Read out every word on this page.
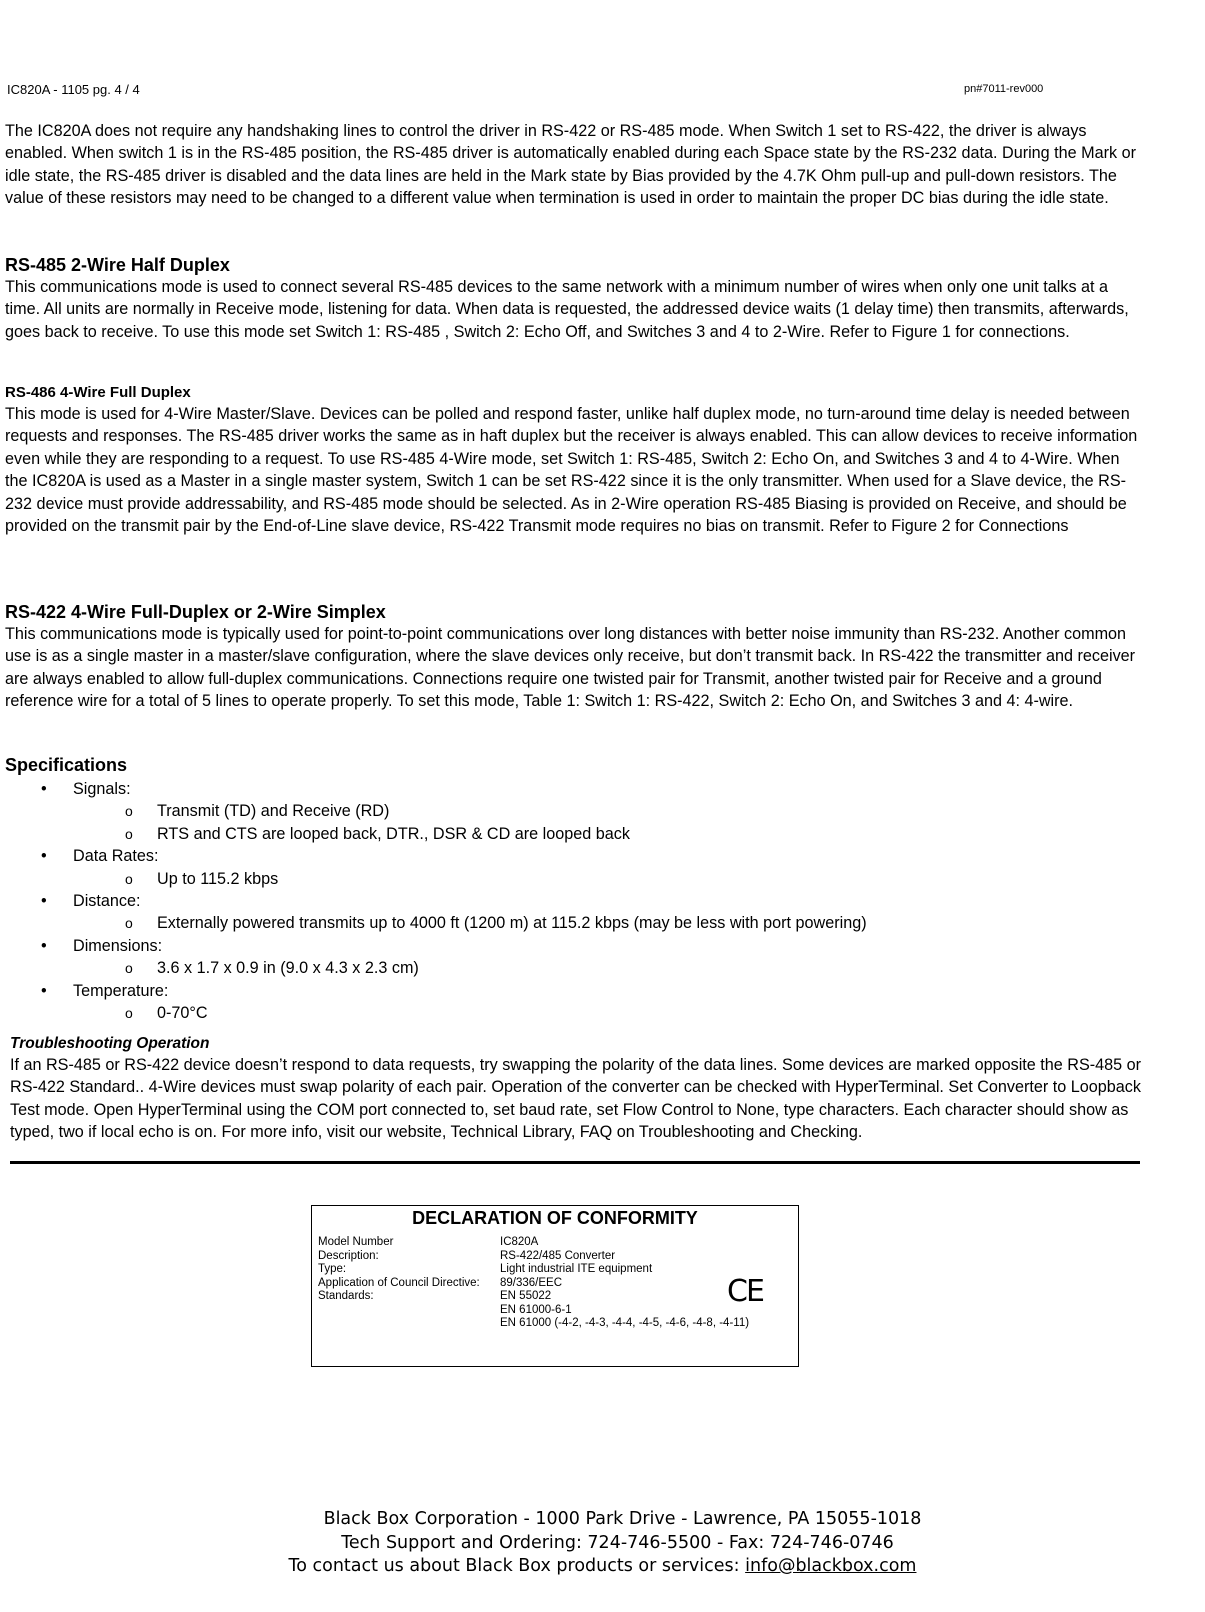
IC820A - 1105 pg. 4 / 4	pn#7011-rev000

The IC820A does not require any handshaking lines to control the driver in RS-422 or RS-485 mode. When Switch 1 set to RS-422, the driver is always enabled. When switch 1 is in the RS-485 position, the RS-485 driver is automatically enabled during each Space state by the RS-232 data. During the Mark or idle state, the RS-485 driver is disabled and the data lines are held in the Mark state by Bias provided by the 4.7K Ohm pull-up and pull-down resistors. The value of these resistors may need to be changed to a different value when termination is used in order to maintain the proper DC bias during the idle state.

RS-485 2-Wire Half Duplex

This communications mode is used to connect several RS-485 devices to the same network with a minimum number of wires when only one unit talks at a time. All units are normally in Receive mode, listening for data. When data is requested, the addressed device waits (1 delay time) then transmits, afterwards, goes back to receive. To use this mode set Switch 1: RS-485 , Switch 2: Echo Off, and Switches 3 and 4 to 2-Wire. Refer to Figure 1 for connections.

RS-486 4-Wire Full Duplex

This mode is used for 4-Wire Master/Slave. Devices can be polled and respond faster, unlike half duplex mode, no turn-around time delay is needed between requests and responses. The RS-485 driver works the same as in haft duplex but the receiver is always enabled. This can allow devices to receive information even while they are responding to a request. To use RS-485 4-Wire mode, set Switch 1: RS-485, Switch 2: Echo On, and Switches 3 and 4 to 4-Wire. When the IC820A is used as a Master in a single master system, Switch 1 can be set RS-422 since it is the only transmitter. When used for a Slave device, the RS-232 device must provide addressability, and RS-485 mode should be selected. As in 2-Wire operation RS-485 Biasing is provided on Receive, and should be provided on the transmit pair by the End-of-Line slave device, RS-422 Transmit mode requires no bias on transmit. Refer to Figure 2 for Connections

RS-422 4-Wire Full-Duplex or 2-Wire Simplex

This communications mode is typically used for point-to-point communications over long distances with better noise immunity than RS-232. Another common use is as a single master in a master/slave configuration, where the slave devices only receive, but don’t transmit back. In RS-422 the transmitter and receiver are always enabled to allow full-duplex communications. Connections require one twisted pair for Transmit, another twisted pair for Receive and a ground reference wire for a total of 5 lines to operate properly. To set this mode, Table 1: Switch 1: RS-422, Switch 2: Echo On, and Switches 3 and 4: 4-wire.

Specifications
• Signals:
o Transmit (TD) and Receive (RD)
o RTS and CTS are looped back, DTR., DSR & CD are looped back
• Data Rates:
o Up to 115.2 kbps
• Distance:
o Externally powered transmits up to 4000 ft (1200 m) at 115.2 kbps (may be less with port powering)
• Dimensions:
o 3.6 x 1.7 x 0.9 in (9.0 x 4.3 x 2.3 cm)
• Temperature:
o 0-70°C
Troubleshooting Operation

If an RS-485 or RS-422 device doesn’t respond to data requests, try swapping the polarity of the data lines. Some devices are marked opposite the RS-485 or RS-422 Standard.. 4-Wire devices must swap polarity of each pair. Operation of the converter can be checked with HyperTerminal. Set Converter to Loopback Test mode. Open HyperTerminal using the COM port connected to, set baud rate, set Flow Control to None, type characters. Each character should show as typed, two if local echo is on. For more info, visit our website, Technical Library, FAQ on Troubleshooting and Checking.

DECLARATION OF CONFORMITY
Model Number	IC820A
Description:	RS-422/485 Converter
Type:	Light industrial ITE equipment
Application of Council Directive:	89/336/EEC
Standards:	EN 55022
EN 61000-6-1
EN 61000 (-4-2, -4-3, -4-4, -4-5, -4-6, -4-8, -4-11)
CE
Black Box Corporation - 1000 Park Drive - Lawrence, PA 15055-1018
Tech Support and Ordering: 724-746-5500 - Fax: 724-746-0746
To contact us about Black Box products or services: info@blackbox.com
